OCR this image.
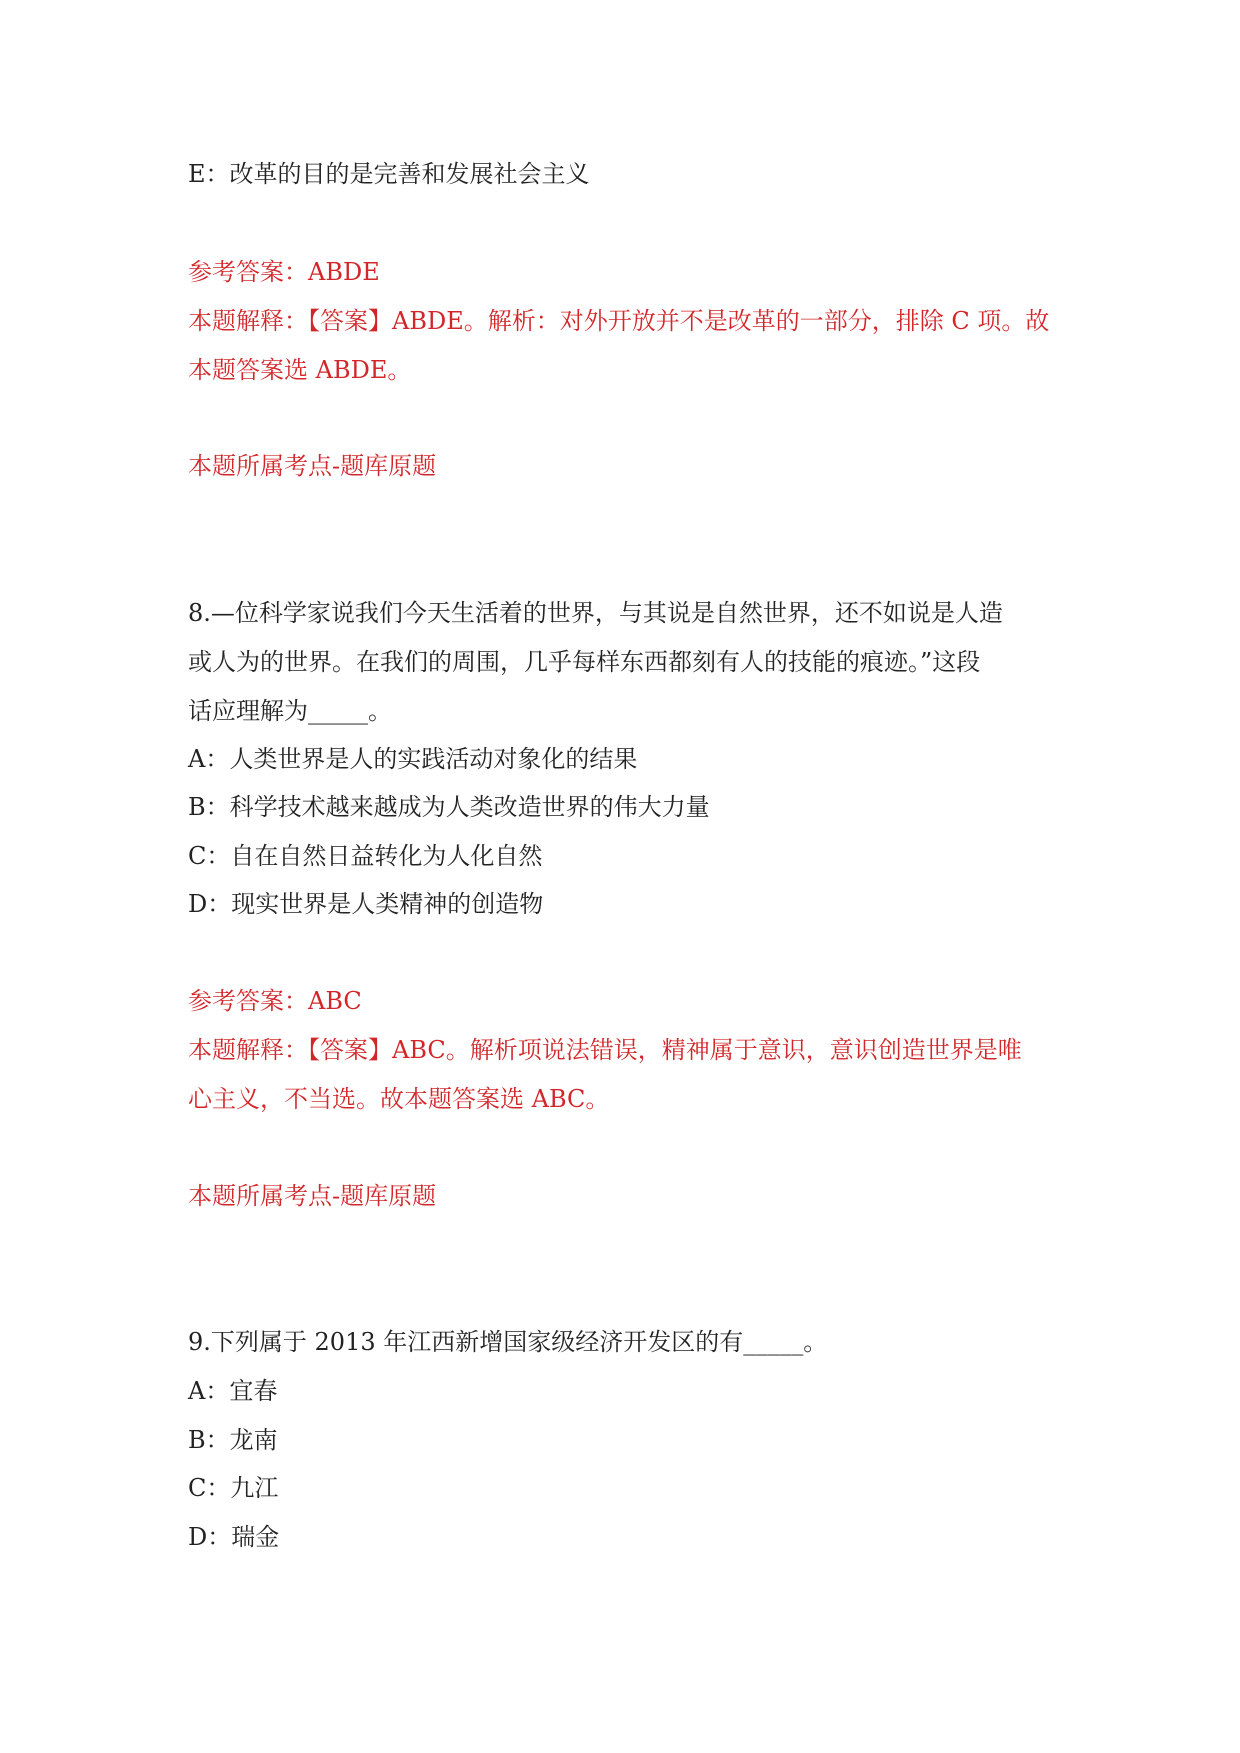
E：改革的目的是完善和发展社会主义
参考答案：ABDE
本题解释：【答案】ABDE。解析：对外开放并不是改革的一部分，排除 C 项。故
本题答案选 ABDE。
本题所属考点-题库原题
8.—位科学家说我们今天生活着的世界，与其说是自然世界，还不如说是人造
或人为的世界。在我们的周围，几乎每样东西都刻有人的技能的痕迹。”这段
话应理解为_____。
A：人类世界是人的实践活动对象化的结果
B：科学技术越来越成为人类改造世界的伟大力量
C：自在自然日益转化为人化自然
D：现实世界是人类精神的创造物
参考答案：ABC
本题解释：【答案】ABC。解析项说法错误，精神属于意识，意识创造世界是唯
心主义，不当选。故本题答案选 ABC。
本题所属考点-题库原题
9.下列属于 2013 年江西新增国家级经济开发区的有_____。
A：宜春
B：龙南
C：九江
D：瑞金
